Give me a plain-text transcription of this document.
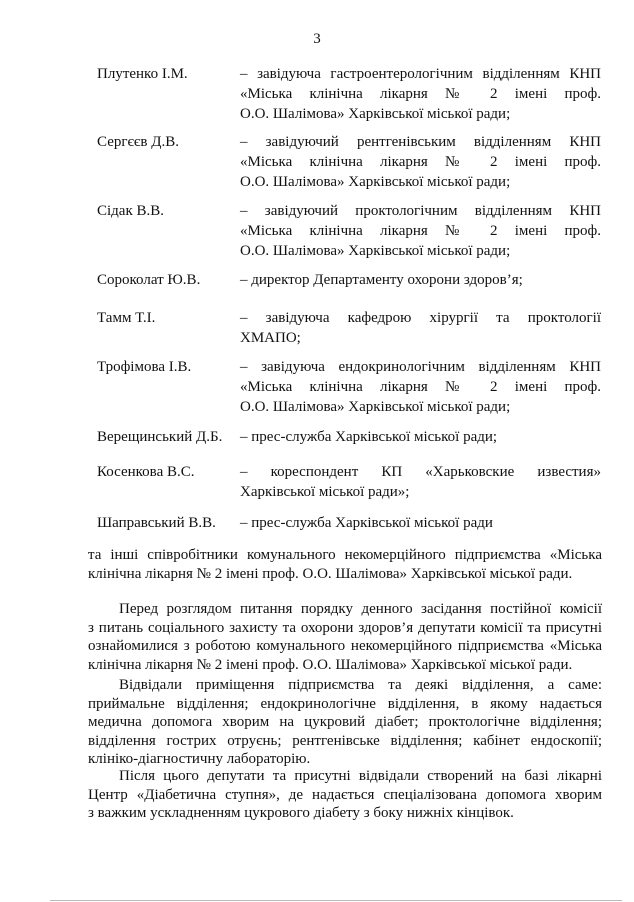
3
Плутенко І.М.	– завідуюча гастроентерологічним відділенням КНП
«Міська клінічна лікарня № 2 імені проф.
О.О. Шалімова» Харківської міської ради;
Сергєєв Д.В.	– завідуючий рентгенівським відділенням КНП
«Міська клінічна лікарня № 2 імені проф.
О.О. Шалімова» Харківської міської ради;
Сідак В.В.	– завідуючий проктологічним відділенням КНП
«Міська клінічна лікарня № 2 імені проф.
О.О. Шалімова» Харківської міської ради;
Сороколат Ю.В.	– директор Департаменту охорони здоров’я;
Тамм Т.І.	– завідуюча кафедрою хірургії та проктології
ХМАПО;
Трофімова І.В.	– завідуюча ендокринологічним відділенням КНП
«Міська клінічна лікарня № 2 імені проф.
О.О. Шалімова» Харківської міської ради;
Верещинський Д.Б. – прес-служба Харківської міської ради;
Косенкова В.С.	– кореспондент КП «Харьковские известия»
Харківської міської ради»;
Шаправський В.В. – прес-служба Харківської міської ради
та інші співробітники комунального некомерційного підприємства «Міська
клінічна лікарня № 2 імені проф. О.О. Шалімова» Харківської міської ради.
Перед розглядом питання порядку денного засідання постійної комісії
з питань соціального захисту та охорони здоров’я депутати комісії та присутні
ознайомилися з роботою комунального некомерційного підприємства «Міська
клінічна лікарня № 2 імені проф. О.О. Шалімова» Харківської міської ради.
Відвідали приміщення підприємства та деякі відділення, а саме:
приймальне відділення; ендокринологічне відділення, в якому надається
медична допомога хворим на цукровий діабет; проктологічне відділення;
відділення гострих отруєнь; рентгенівське відділення; кабінет ендоскопії;
клініко-діагностичну лабораторію.
Після цього депутати та присутні відвідали створений на базі лікарні
Центр «Діабетична ступня», де надається спеціалізована допомога хворим
з важким ускладненням цукрового діабету з боку нижніх кінцівок.
